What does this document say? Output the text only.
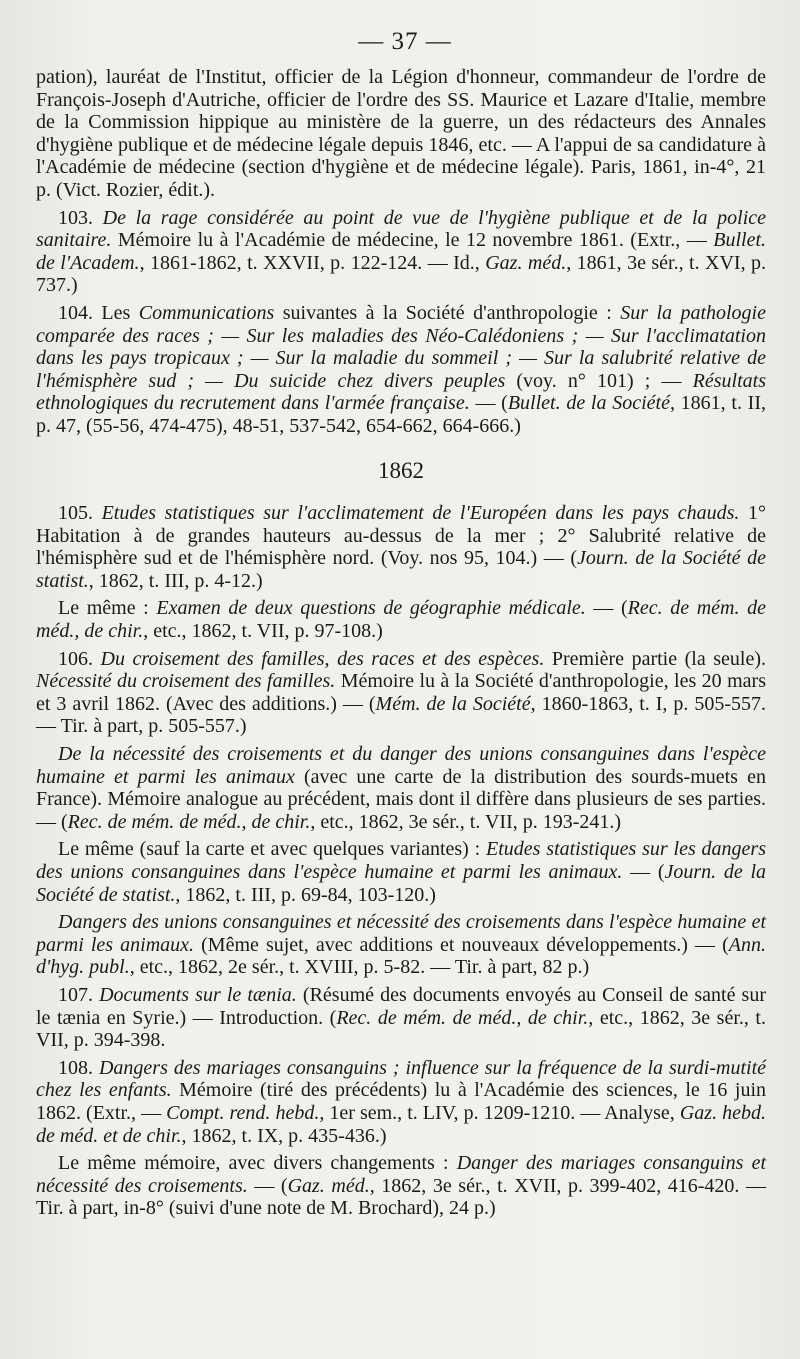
— 37 —

pation), lauréat de l'Institut, officier de la Légion d'honneur, commandeur de l'ordre de François-Joseph d'Autriche, officier de l'ordre des SS. Maurice et Lazare d'Italie, membre de la Commission hippique au ministère de la guerre, un des rédacteurs des Annales d'hygiène publique et de médecine légale depuis 1846, etc. — A l'appui de sa candidature à l'Académie de médecine (section d'hygiène et de médecine légale). Paris, 1861, in-4°, 21 p. (Vict. Rozier, édit.).

103. De la rage considérée au point de vue de l'hygiène publique et de la police sanitaire. Mémoire lu à l'Académie de médecine, le 12 novembre 1861. (Extr., — Bullet. de l'Academ., 1861-1862, t. XXVII, p. 122-124. — Id., Gaz. méd., 1861, 3e sér., t. XVI, p. 737.)

104. Les Communications suivantes à la Société d'anthropologie : Sur la pathologie comparée des races ; — Sur les maladies des Néo-Calédoniens ; — Sur l'acclimatation dans les pays tropicaux ; — Sur la maladie du sommeil ; — Sur la salubrité relative de l'hémisphère sud ; — Du suicide chez divers peuples (voy. n° 101) ; — Résultats ethnologiques du recrutement dans l'armée française. — (Bullet. de la Société, 1861, t. II, p. 47, (55-56, 474-475), 48-51, 537-542, 654-662, 664-666.)

1862

105. Etudes statistiques sur l'acclimatement de l'Européen dans les pays chauds. 1° Habitation à de grandes hauteurs au-dessus de la mer ; 2° Salubrité relative de l'hémisphère sud et de l'hémisphère nord. (Voy. nos 95, 104.) — (Journ. de la Société de statist., 1862, t. III, p. 4-12.)

Le même : Examen de deux questions de géographie médicale. — (Rec. de mém. de méd., de chir., etc., 1862, t. VII, p. 97-108.)

106. Du croisement des familles, des races et des espèces. Première partie (la seule). Nécessité du croisement des familles. Mémoire lu à la Société d'anthropologie, les 20 mars et 3 avril 1862. (Avec des additions.) — (Mém. de la Société, 1860-1863, t. I, p. 505-557. — Tir. à part, p. 505-557.)

De la nécessité des croisements et du danger des unions consanguines dans l'espèce humaine et parmi les animaux (avec une carte de la distribution des sourds-muets en France). Mémoire analogue au précédent, mais dont il diffère dans plusieurs de ses parties. — (Rec. de mém. de méd., de chir., etc., 1862, 3e sér., t. VII, p. 193-241.)

Le même (sauf la carte et avec quelques variantes) : Etudes statistiques sur les dangers des unions consanguines dans l'espèce humaine et parmi les animaux. — (Journ. de la Société de statist., 1862, t. III, p. 69-84, 103-120.)

Dangers des unions consanguines et nécessité des croisements dans l'espèce humaine et parmi les animaux. (Même sujet, avec additions et nouveaux développements.) — (Ann. d'hyg. publ., etc., 1862, 2e sér., t. XVIII, p. 5-82. — Tir. à part, 82 p.)

107. Documents sur le tænia. (Résumé des documents envoyés au Conseil de santé sur le tænia en Syrie.) — Introduction. (Rec. de mém. de méd., de chir., etc., 1862, 3e sér., t. VII, p. 394-398.

108. Dangers des mariages consanguins ; influence sur la fréquence de la surdi-mutité chez les enfants. Mémoire (tiré des précédents) lu à l'Académie des sciences, le 16 juin 1862. (Extr., — Compt. rend. hebd., 1er sem., t. LIV, p. 1209-1210. — Analyse, Gaz. hebd. de méd. et de chir., 1862, t. IX, p. 435-436.)

Le même mémoire, avec divers changements : Danger des mariages consanguins et nécessité des croisements. — (Gaz. méd., 1862, 3e sér., t. XVII, p. 399-402, 416-420. — Tir. à part, in-8° (suivi d'une note de M. Brochard), 24 p.)
